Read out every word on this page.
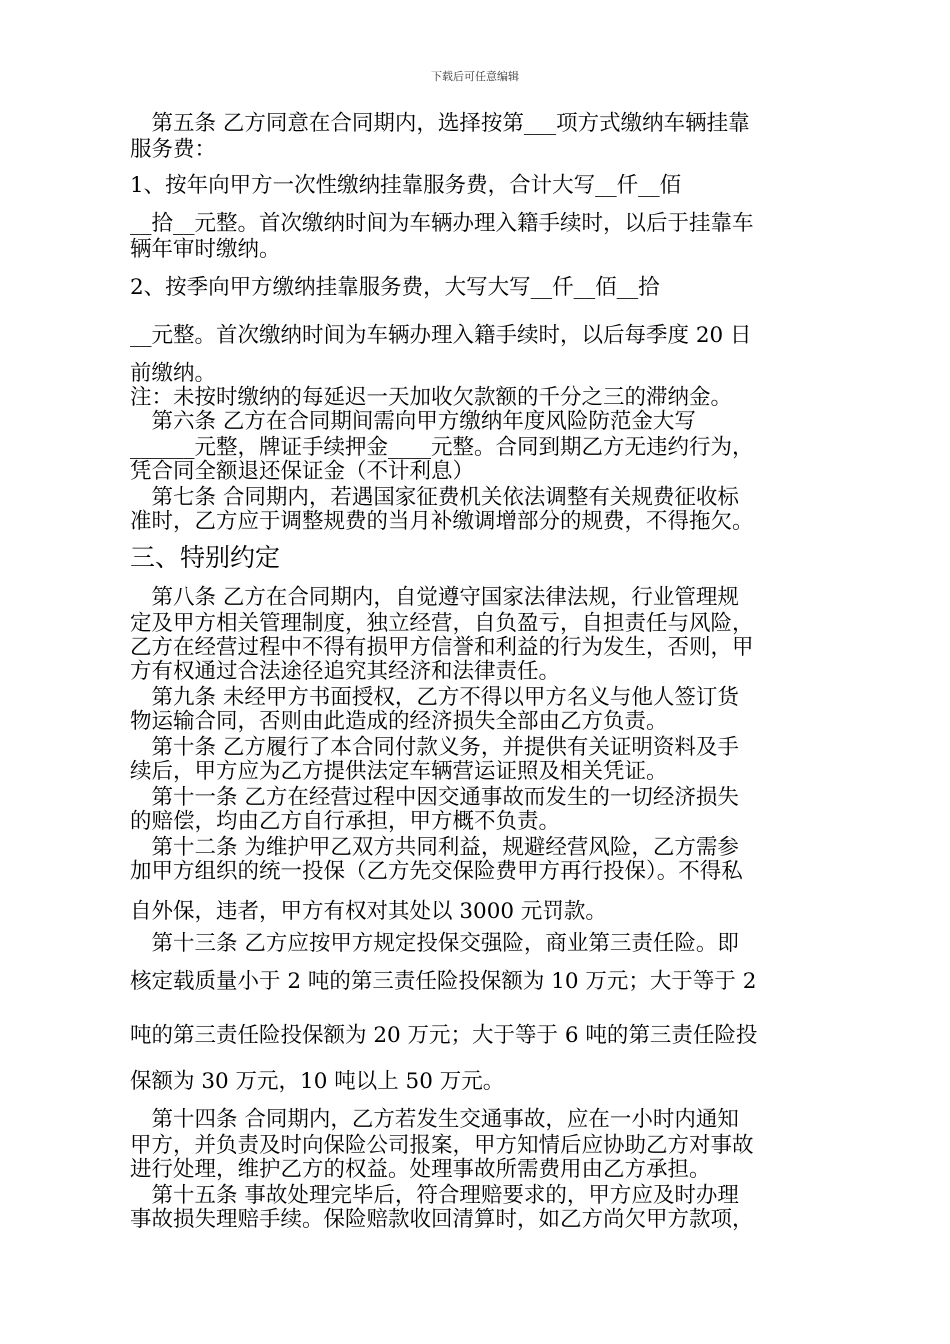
下载后可任意编辑
　第五条 乙方同意在合同期内，选择按第___项方式缴纳车辆挂靠
服务费：
1、按年向甲方一次性缴纳挂靠服务费，合计大写__仟__佰
__拾__元整。首次缴纳时间为车辆办理入籍手续时，以后于挂靠车
辆年审时缴纳。
2、按季向甲方缴纳挂靠服务费，大写大写__仟__佰__拾
__元整。首次缴纳时间为车辆办理入籍手续时，以后每季度 20 日
前缴纳。
注：未按时缴纳的每延迟一天加收欠款额的千分之三的滞纳金。
　第六条 乙方在合同期间需向甲方缴纳年度风险防范金大写
______元整，牌证手续押金____元整。合同到期乙方无违约行为，
凭合同全额退还保证金（不计利息）
　第七条 合同期内，若遇国家征费机关依法调整有关规费征收标
准时，乙方应于调整规费的当月补缴调增部分的规费，不得拖欠。
　第八条 乙方在合同期内，自觉遵守国家法律法规，行业管理规
定及甲方相关管理制度，独立经营，自负盈亏，自担责任与风险，
乙方在经营过程中不得有损甲方信誉和利益的行为发生，否则，甲
方有权通过合法途径追究其经济和法律责任。
　第九条 未经甲方书面授权，乙方不得以甲方名义与他人签订货
物运输合同，否则由此造成的经济损失全部由乙方负责。
　第十条 乙方履行了本合同付款义务，并提供有关证明资料及手
续后，甲方应为乙方提供法定车辆营运证照及相关凭证。
　第十一条 乙方在经营过程中因交通事故而发生的一切经济损失
的赔偿，均由乙方自行承担，甲方概不负责。
　第十二条 为维护甲乙双方共同利益，规避经营风险，乙方需参
加甲方组织的统一投保（乙方先交保险费甲方再行投保）。不得私
自外保，违者，甲方有权对其处以 3000 元罚款。
　第十三条 乙方应按甲方规定投保交强险，商业第三责任险。即
核定载质量小于 2 吨的第三责任险投保额为 10 万元；大于等于 2
吨的第三责任险投保额为 20 万元；大于等于 6 吨的第三责任险投
保额为 30 万元，10 吨以上 50 万元。
　第十四条 合同期内，乙方若发生交通事故，应在一小时内通知
甲方，并负责及时向保险公司报案，甲方知情后应协助乙方对事故
进行处理，维护乙方的权益。处理事故所需费用由乙方承担。
　第十五条 事故处理完毕后，符合理赔要求的，甲方应及时办理
事故损失理赔手续。保险赔款收回清算时，如乙方尚欠甲方款项，
三、特别约定
